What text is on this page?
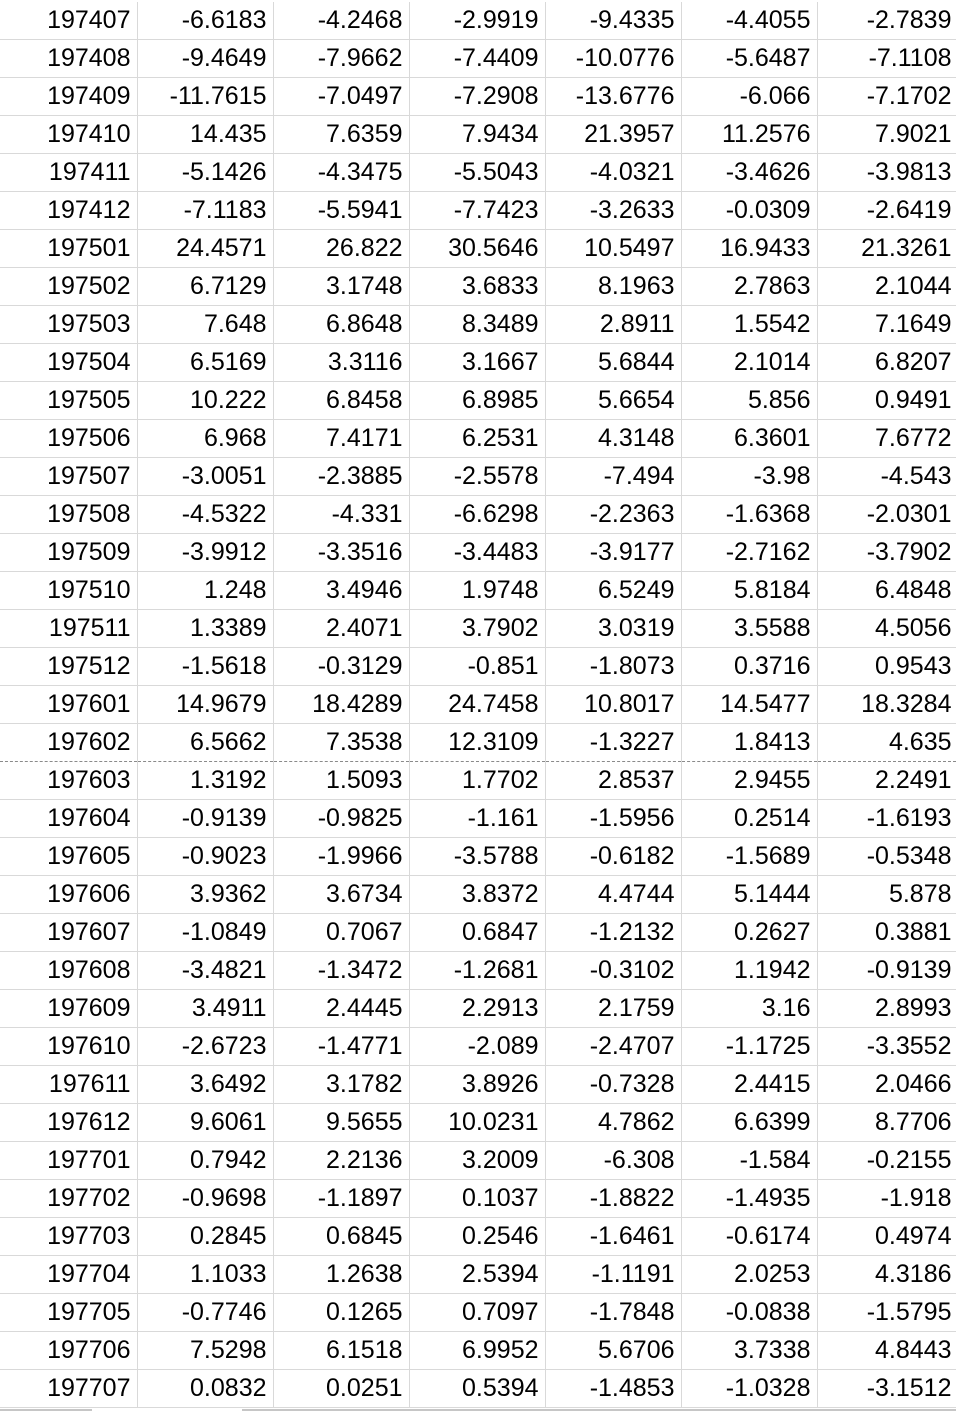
197407	-6.6183	-4.2468	-2.9919	-9.4335	-4.4055	-2.7839
197408	-9.4649	-7.9662	-7.4409	-10.0776	-5.6487	-7.1108
197409	-11.7615	-7.0497	-7.2908	-13.6776	-6.066	-7.1702
197410	14.435	7.6359	7.9434	21.3957	11.2576	7.9021
197411	-5.1426	-4.3475	-5.5043	-4.0321	-3.4626	-3.9813
197412	-7.1183	-5.5941	-7.7423	-3.2633	-0.0309	-2.6419
197501	24.4571	26.822	30.5646	10.5497	16.9433	21.3261
197502	6.7129	3.1748	3.6833	8.1963	2.7863	2.1044
197503	7.648	6.8648	8.3489	2.8911	1.5542	7.1649
197504	6.5169	3.3116	3.1667	5.6844	2.1014	6.8207
197505	10.222	6.8458	6.8985	5.6654	5.856	0.9491
197506	6.968	7.4171	6.2531	4.3148	6.3601	7.6772
197507	-3.0051	-2.3885	-2.5578	-7.494	-3.98	-4.543
197508	-4.5322	-4.331	-6.6298	-2.2363	-1.6368	-2.0301
197509	-3.9912	-3.3516	-3.4483	-3.9177	-2.7162	-3.7902
197510	1.248	3.4946	1.9748	6.5249	5.8184	6.4848
197511	1.3389	2.4071	3.7902	3.0319	3.5588	4.5056
197512	-1.5618	-0.3129	-0.851	-1.8073	0.3716	0.9543
197601	14.9679	18.4289	24.7458	10.8017	14.5477	18.3284
197602	6.5662	7.3538	12.3109	-1.3227	1.8413	4.635
197603	1.3192	1.5093	1.7702	2.8537	2.9455	2.2491
197604	-0.9139	-0.9825	-1.161	-1.5956	0.2514	-1.6193
197605	-0.9023	-1.9966	-3.5788	-0.6182	-1.5689	-0.5348
197606	3.9362	3.6734	3.8372	4.4744	5.1444	5.878
197607	-1.0849	0.7067	0.6847	-1.2132	0.2627	0.3881
197608	-3.4821	-1.3472	-1.2681	-0.3102	1.1942	-0.9139
197609	3.4911	2.4445	2.2913	2.1759	3.16	2.8993
197610	-2.6723	-1.4771	-2.089	-2.4707	-1.1725	-3.3552
197611	3.6492	3.1782	3.8926	-0.7328	2.4415	2.0466
197612	9.6061	9.5655	10.0231	4.7862	6.6399	8.7706
197701	0.7942	2.2136	3.2009	-6.308	-1.584	-0.2155
197702	-0.9698	-1.1897	0.1037	-1.8822	-1.4935	-1.918
197703	0.2845	0.6845	0.2546	-1.6461	-0.6174	0.4974
197704	1.1033	1.2638	2.5394	-1.1191	2.0253	4.3186
197705	-0.7746	0.1265	0.7097	-1.7848	-0.0838	-1.5795
197706	7.5298	6.1518	6.9952	5.6706	3.7338	4.8443
197707	0.0832	0.0251	0.5394	-1.4853	-1.0328	-3.1512
